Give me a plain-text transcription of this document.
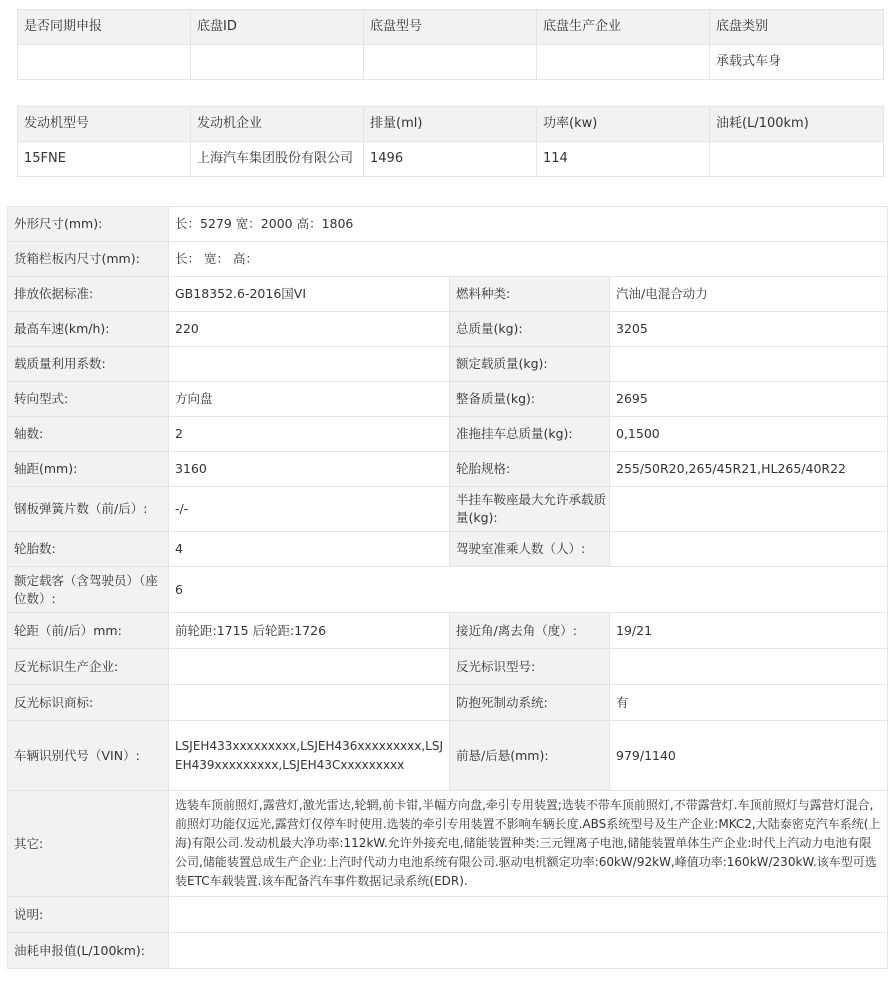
是否同期申报	底盘ID	底盘型号	底盘生产企业	底盘类别
				承载式车身
发动机型号	发动机企业	排量(ml)	功率(kw)	油耗(L/100km)
15FNE	上海汽车集团股份有限公司	1496	114	
外形尺寸(mm):	长：5279 宽：2000 高：1806		
货箱栏板内尺寸(mm):	长： 宽： 高：		
排放依据标准:	GB18352.6-2016国VI	燃料种类:	汽油/电混合动力
最高车速(km/h):	220	总质量(kg):	3205
载质量利用系数:		额定载质量(kg):	
转向型式:	方向盘	整备质量(kg):	2695
轴数:	2	准拖挂车总质量(kg):	0,1500
轴距(mm):	3160	轮胎规格:	255/50R20,265/45R21,HL265/40R22
钢板弹簧片数（前/后）:	-/-	半挂车鞍座最大允许承载质量(kg):	
轮胎数:	4	驾驶室准乘人数（人）:	
额定载客（含驾驶员）（座位数）:	6		
轮距（前/后）mm:	前轮距:1715 后轮距:1726	接近角/离去角（度）:	19/21
反光标识生产企业:		反光标识型号:	
反光标识商标:		防抱死制动系统:	有
车辆识别代号（VIN）:	LSJEH433xxxxxxxxx,LSJEH436xxxxxxxxx,LSJEH439xxxxxxxxx,LSJEH43Cxxxxxxxxx	前悬/后悬(mm):	979/1140
其它:	选装车顶前照灯,露营灯,激光雷达,轮辋,前卡钳,半幅方向盘,牵引专用装置;选装不带车顶前照灯,不带露营灯.车顶前照灯与露营灯混合,前照灯功能仅远光,露营灯仅停车时使用.选装的牵引专用装置不影响车辆长度.ABS系统型号及生产企业:MKC2,大陆泰密克汽车系统(上海)有限公司.发动机最大净功率:112kW.允许外接充电,储能装置种类:三元锂离子电池,储能装置单体生产企业:时代上汽动力电池有限公司,储能装置总成生产企业:上汽时代动力电池系统有限公司.驱动电机额定功率:60kW/92kW,峰值功率:160kW/230kW.该车型可选装ETC车载装置.该车配备汽车事件数据记录系统(EDR).		
说明:			
油耗申报值(L/100km):			
